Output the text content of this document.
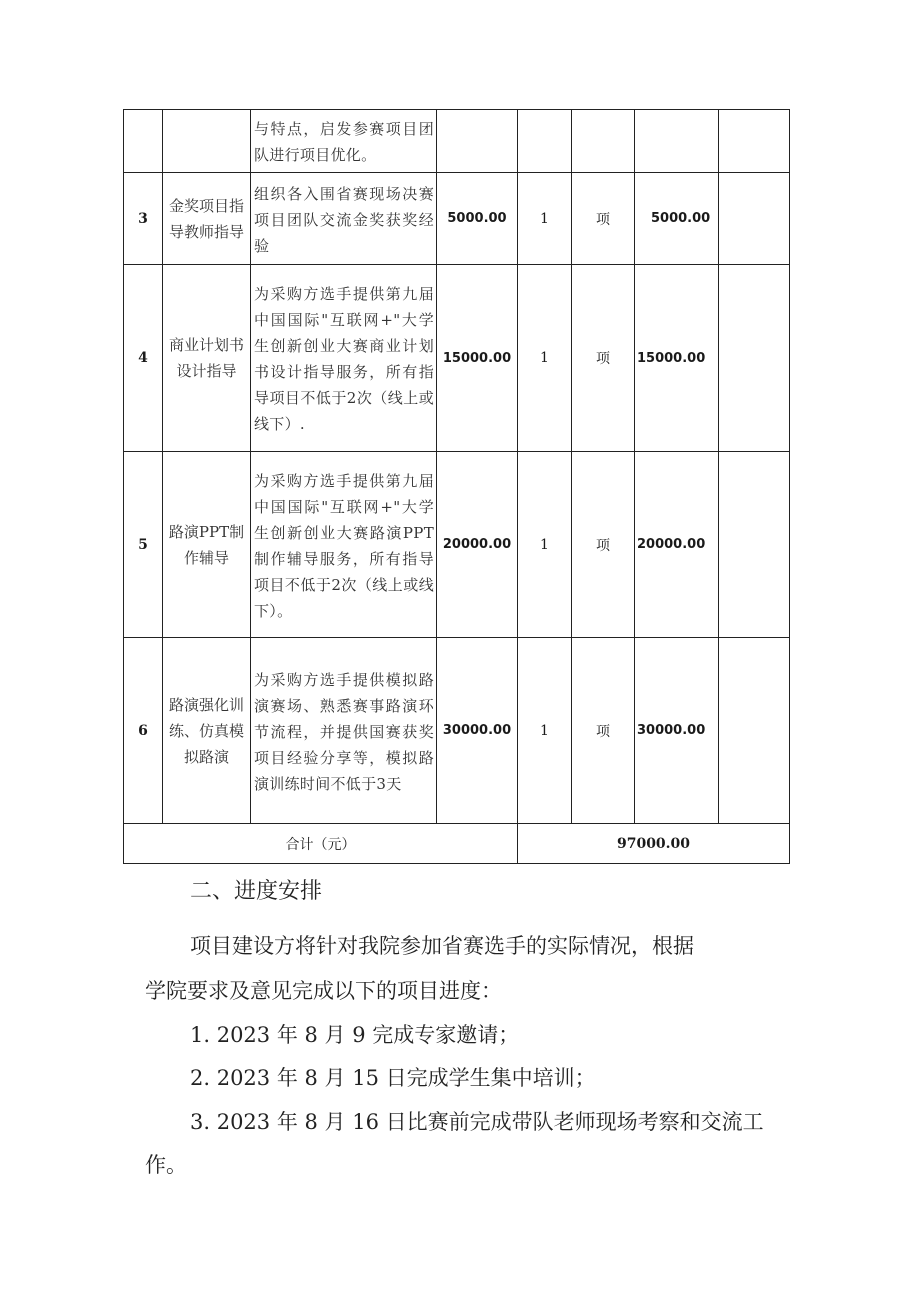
		与特点，启发参赛项目团队进行项目优化。					
3	金奖项目指导教师指导	组织各入围省赛现场决赛项目团队交流金奖获奖经验	5000.00	1	项	5000.00	
4	商业计划书设计指导	为采购方选手提供第九届中国国际"互联网+"大学生创新创业大赛商业计划书设计指导服务，所有指导项目不低于2次（线上或线下）.	15000.00	1	项	15000.00	
5	路演PPT制作辅导	为采购方选手提供第九届中国国际"互联网+"大学生创新创业大赛路演PPT制作辅导服务，所有指导项目不低于2次（线上或线下）。	20000.00	1	项	20000.00	
6	路演强化训练、仿真模拟路演	为采购方选手提供模拟路演赛场、熟悉赛事路演环节流程，并提供国赛获奖项目经验分享等，模拟路演训练时间不低于3天	30000.00	1	项	30000.00	
合计（元）				97000.00			
二、进度安排
项目建设方将针对我院参加省赛选手的实际情况，根据
学院要求及意见完成以下的项目进度：
1. 2023 年 8 月 9 完成专家邀请；
2. 2023 年 8 月 15 日完成学生集中培训；
3. 2023 年 8 月 16 日比赛前完成带队老师现场考察和交流工
作。
